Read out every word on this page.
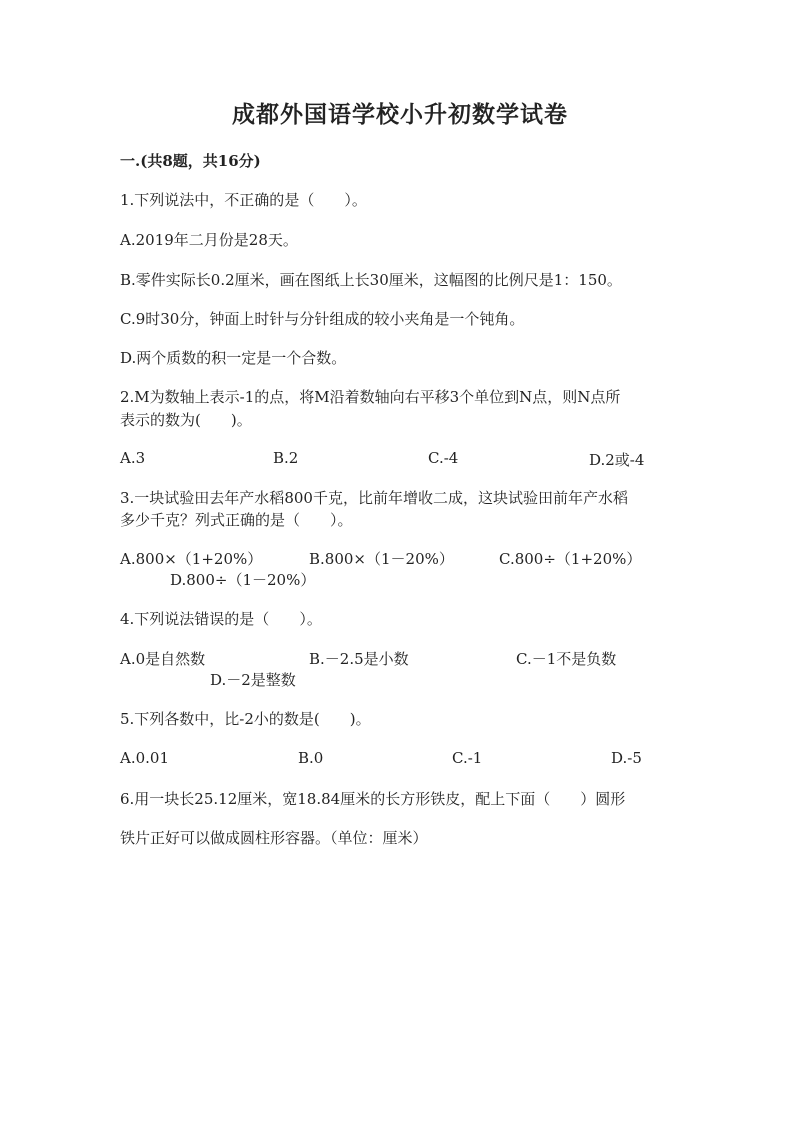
成都外国语学校小升初数学试卷
一.(共8题，共16分)
1.下列说法中，不正确的是（　　）。
A.2019年二月份是28天。
B.零件实际长0.2厘米，画在图纸上长30厘米，这幅图的比例尺是1：150。
C.9时30分，钟面上时针与分针组成的较小夹角是一个钝角。
D.两个质数的积一定是一个合数。
2.M为数轴上表示-1的点，将M沿着数轴向右平移3个单位到N点，则N点所
表示的数为(　　)。
A.3	B.2	C.-4	D.2或-4
3.一块试验田去年产水稻800千克，比前年增收二成，这块试验田前年产水稻
多少千克？列式正确的是（　　）。
A.800×（1+20%）	B.800×（1－20%）	C.800÷（1+20%）
D.800÷（1－20%）
4.下列说法错误的是（　　）。
A.0是自然数	B.－2.5是小数	C.－1不是负数
D.－2是整数
5.下列各数中，比-2小的数是(　　)。
A.0.01	B.0	C.-1	D.-5
6.用一块长25.12厘米，宽18.84厘米的长方形铁皮，配上下面（　　）圆形
铁片正好可以做成圆柱形容器。（单位：厘米）
